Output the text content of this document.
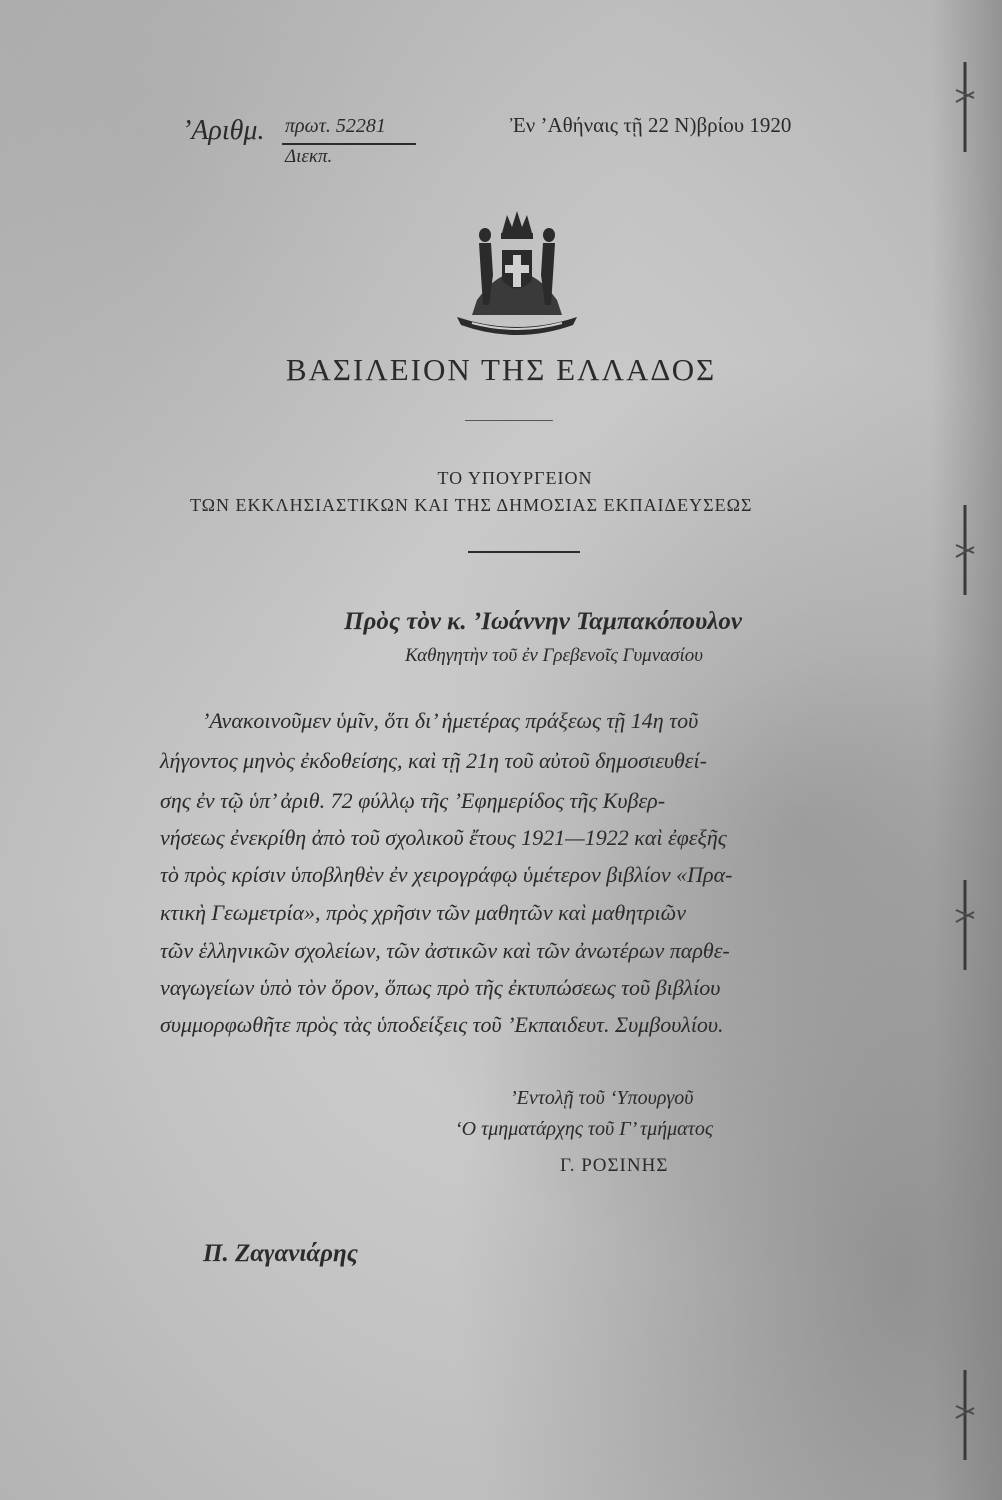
’Αριθμ. πρωτ. 52281
Διεκπ.
Ἐν ’Αθήναις τῇ 22 Ν)βρίου 1920
ΒΑΣΙΛΕΙΟΝ ΤΗΣ ΕΛΛΑΔΟΣ
ΤΟ ΥΠΟΥΡΓΕΙΟΝ
ΤΩΝ ΕΚΚΛΗΣΙΑΣΤΙΚΩΝ ΚΑΙ ΤΗΣ ΔΗΜΟΣΙΑΣ ΕΚΠΑΙΔΕΥΣΕΩΣ
Πρὸς τὸν κ. ’Ιωάννην Ταμπακόπουλον
Καθηγητὴν τοῦ ἐν Γρεβενοῖς Γυμνασίου
’Ανακοινοῦμεν ὑμῖν, ὅτι δι’ ἡμετέρας πράξεως τῇ 14η τοῦ
λήγοντος μηνὸς ἐκδοθείσης, καὶ τῇ 21η τοῦ αὐτοῦ δημοσιευθεί-
σης ἐν τῷ ὑπ’ ἀριθ. 72 φύλλῳ τῆς ’Εφημερίδος τῆς Κυβερ-
νήσεως ἐνεκρίθη ἀπὸ τοῦ σχολικοῦ ἔτους 1921—1922 καὶ ἐφεξῆς
τὸ πρὸς κρίσιν ὑποβληθὲν ἐν χειρογράφῳ ὑμέτερον βιβλίον «Πρα-
κτικὴ Γεωμετρία», πρὸς χρῆσιν τῶν μαθητῶν καὶ μαθητριῶν
τῶν ἑλληνικῶν σχολείων, τῶν ἀστικῶν καὶ τῶν ἀνωτέρων παρθε-
ναγωγείων ὑπὸ τὸν ὅρον, ὅπως πρὸ τῆς ἐκτυπώσεως τοῦ βιβλίου
συμμορφωθῆτε πρὸς τὰς ὑποδείξεις τοῦ ’Εκπαιδευτ. Συμβουλίου.
’Εντολῇ τοῦ ‘Υπουργοῦ
‘Ο τμηματάρχης τοῦ Γ’ τμήματος
Γ. ΡΟΣΙΝΗΣ
Π. Ζαγανιάρης
